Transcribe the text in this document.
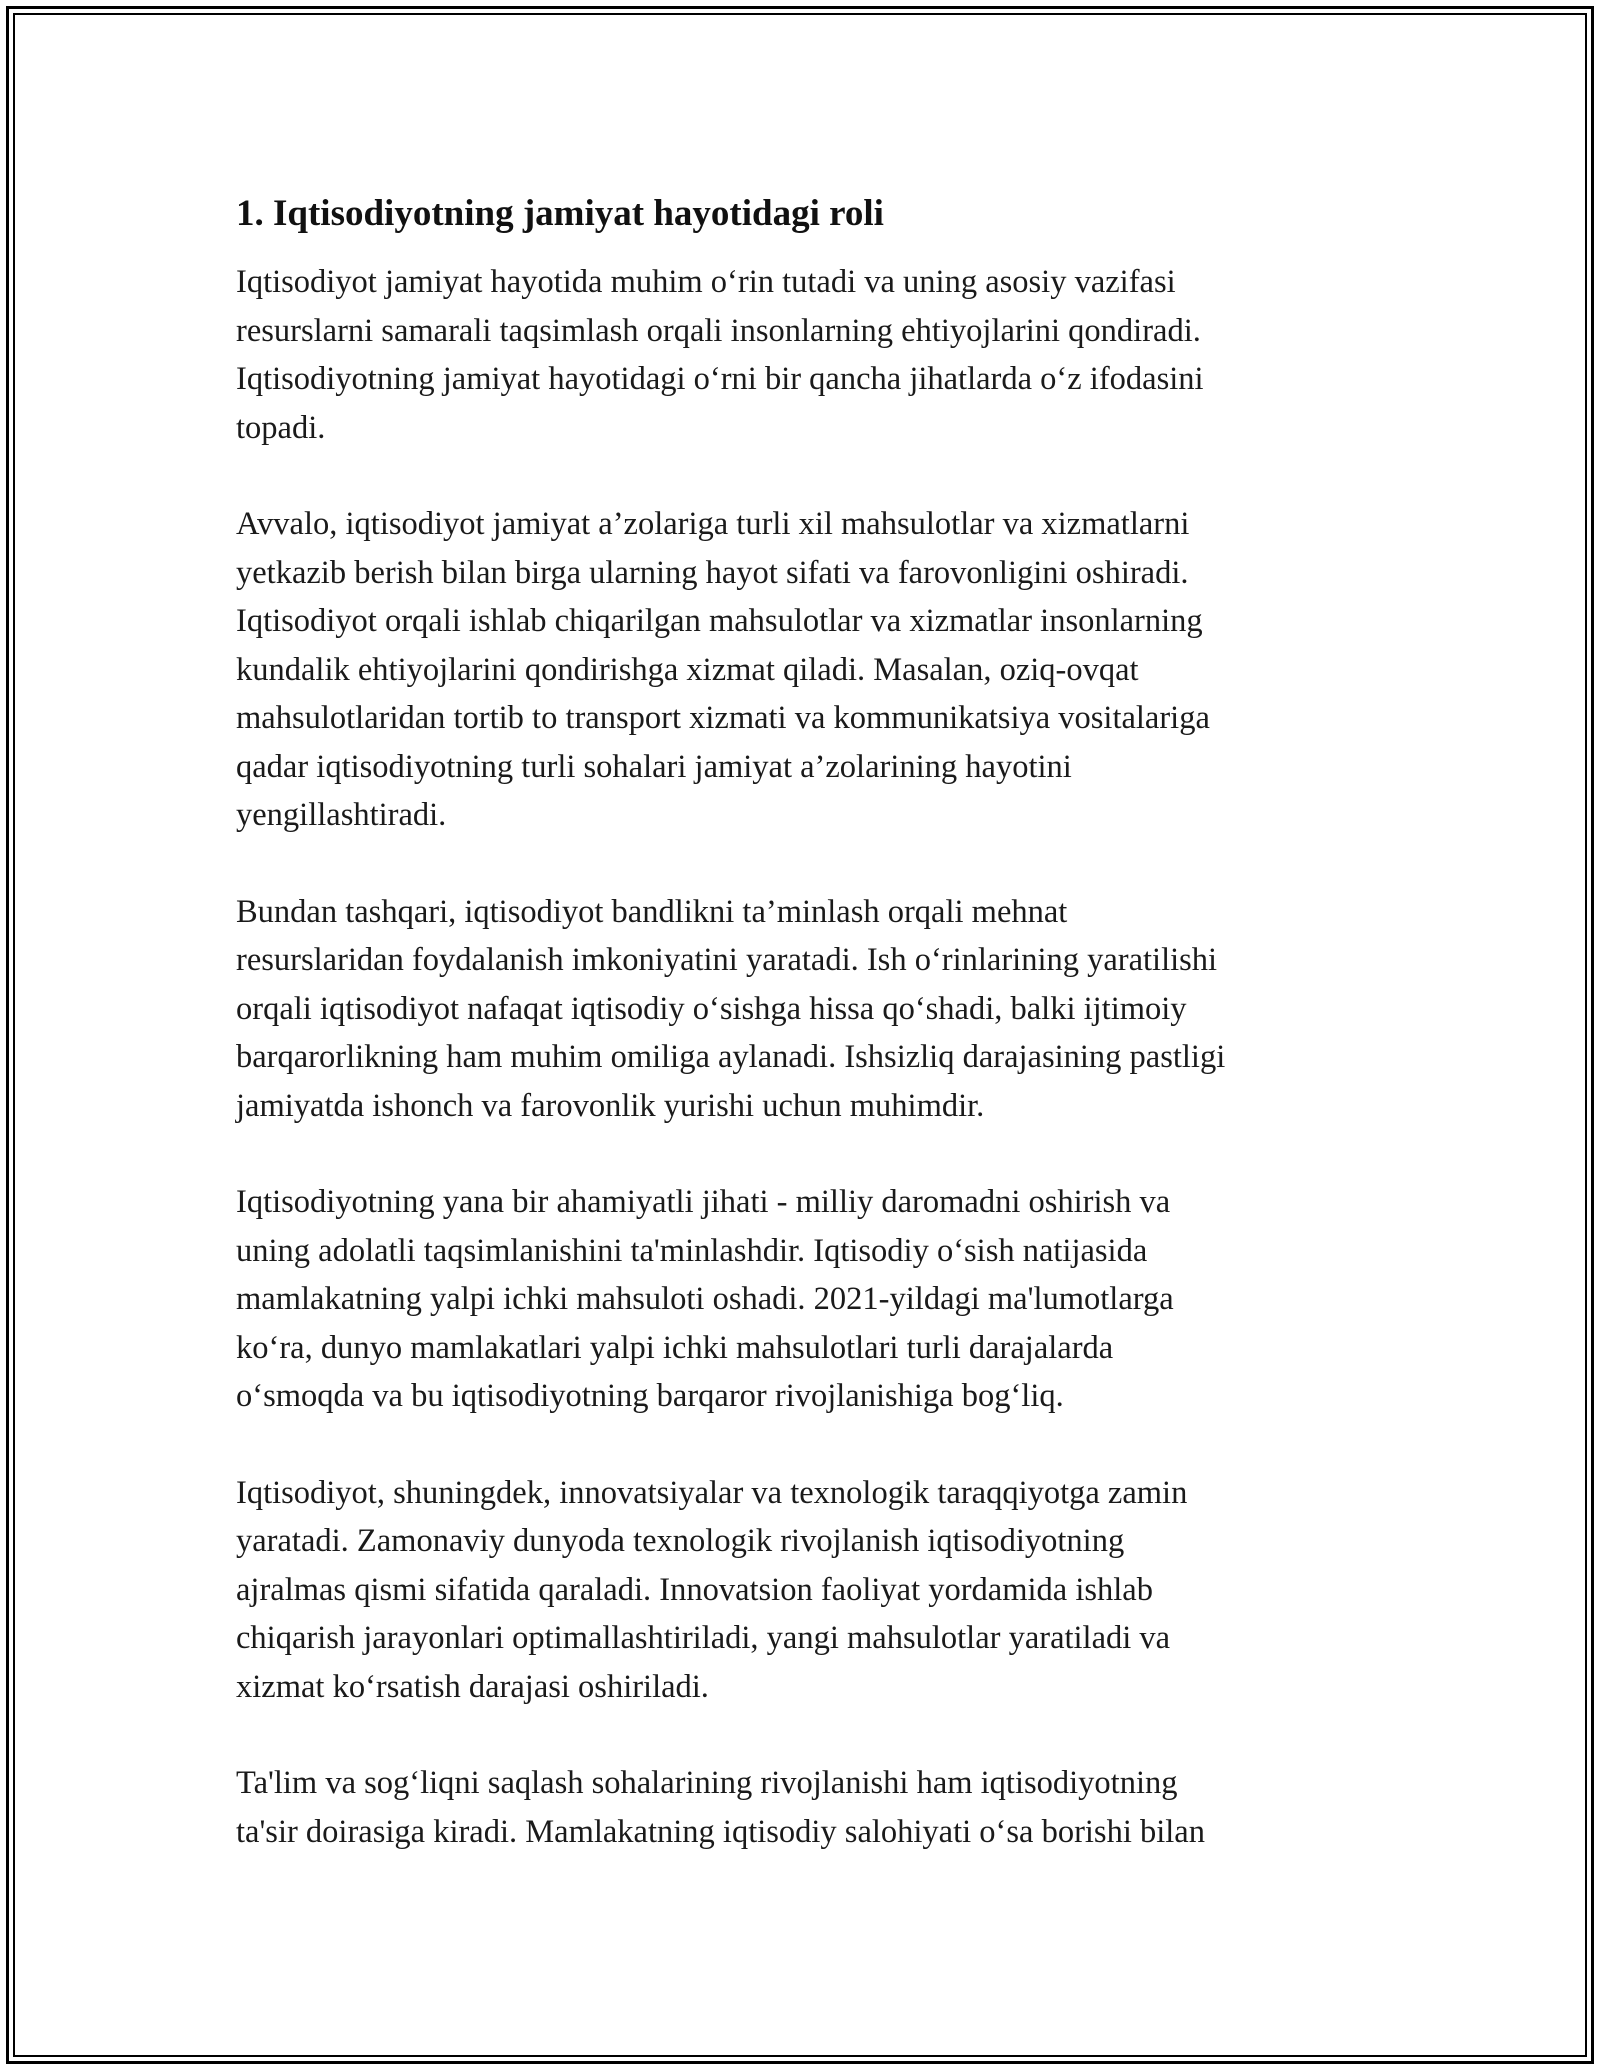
1. Iqtisodiyotning jamiyat hayotidagi roli

Iqtisodiyot jamiyat hayotida muhim o‘rin tutadi va uning asosiy vazifasi
resurslarni samarali taqsimlash orqali insonlarning ehtiyojlarini qondiradi.
Iqtisodiyotning jamiyat hayotidagi o‘rni bir qancha jihatlarda o‘z ifodasini
topadi.

Avvalo, iqtisodiyot jamiyat a’zolariga turli xil mahsulotlar va xizmatlarni
yetkazib berish bilan birga ularning hayot sifati va farovonligini oshiradi.
Iqtisodiyot orqali ishlab chiqarilgan mahsulotlar va xizmatlar insonlarning
kundalik ehtiyojlarini qondirishga xizmat qiladi. Masalan, oziq-ovqat
mahsulotlaridan tortib to transport xizmati va kommunikatsiya vositalariga
qadar iqtisodiyotning turli sohalari jamiyat a’zolarining hayotini
yengillashtiradi.

Bundan tashqari, iqtisodiyot bandlikni ta’minlash orqali mehnat
resurslaridan foydalanish imkoniyatini yaratadi. Ish o‘rinlarining yaratilishi
orqali iqtisodiyot nafaqat iqtisodiy o‘sishga hissa qo‘shadi, balki ijtimoiy
barqarorlikning ham muhim omiliga aylanadi. Ishsizliq darajasining pastligi
jamiyatda ishonch va farovonlik yurishi uchun muhimdir.

Iqtisodiyotning yana bir ahamiyatli jihati - milliy daromadni oshirish va
uning adolatli taqsimlanishini ta'minlashdir. Iqtisodiy o‘sish natijasida
mamlakatning yalpi ichki mahsuloti oshadi. 2021-yildagi ma'lumotlarga
ko‘ra, dunyo mamlakatlari yalpi ichki mahsulotlari turli darajalarda
o‘smoqda va bu iqtisodiyotning barqaror rivojlanishiga bog‘liq.

Iqtisodiyot, shuningdek, innovatsiyalar va texnologik taraqqiyotga zamin
yaratadi. Zamonaviy dunyoda texnologik rivojlanish iqtisodiyotning
ajralmas qismi sifatida qaraladi. Innovatsion faoliyat yordamida ishlab
chiqarish jarayonlari optimallashtiriladi, yangi mahsulotlar yaratiladi va
xizmat ko‘rsatish darajasi oshiriladi.

Ta'lim va sog‘liqni saqlash sohalarining rivojlanishi ham iqtisodiyotning
ta'sir doirasiga kiradi. Mamlakatning iqtisodiy salohiyati o‘sa borishi bilan
